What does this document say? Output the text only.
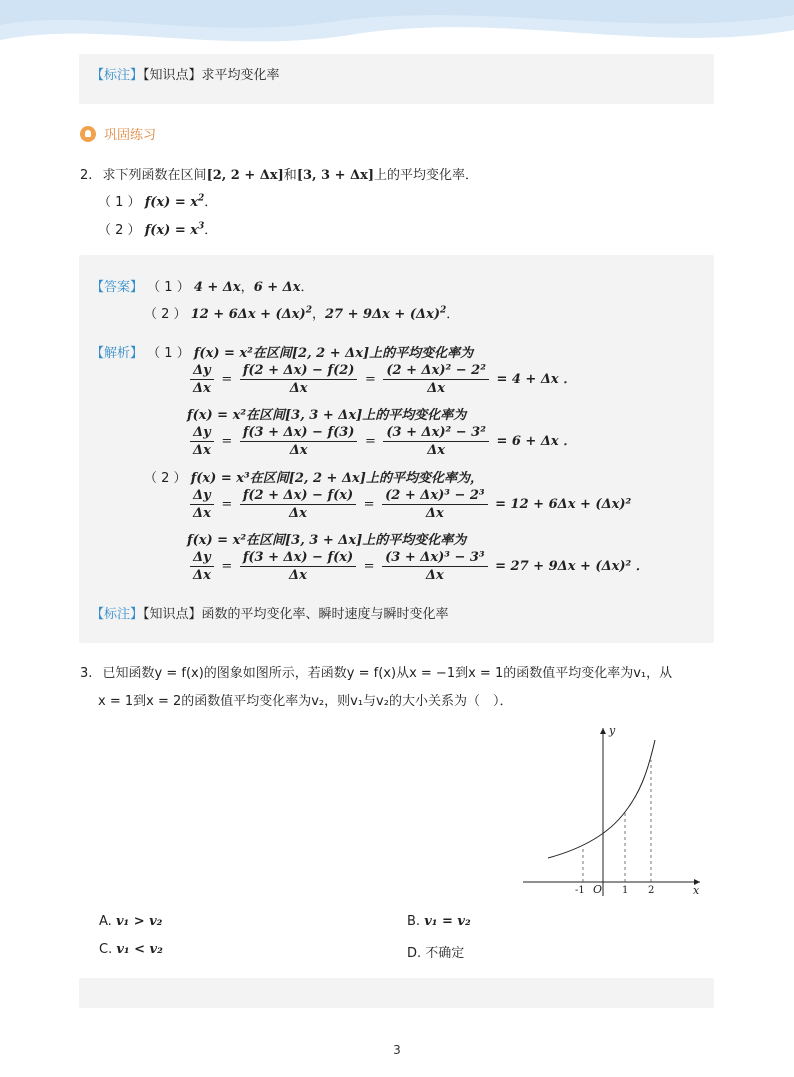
【标注】【知识点】求平均变化率
巩固练习
2. 求下列函数在区间[2, 2 + Δx]和[3, 3 + Δx]上的平均变化率．
（ 1 ） $f(x) = x^2$．
（ 2 ） $f(x) = x^3$．
【答案】 （ 1 ） 4 + Δx，6 + Δx．
（ 2 ） $12 + 6\Delta x + (\Delta x)^2$，$27 + 9\Delta x + (\Delta x)^2$．
【解析】 （ 1 ） f(x) = x²在区间[2, 2 + Δx]上的平均变化率为
$\frac{\Delta y}{\Delta x} = \frac{f(2 + \Delta x) - f(2)}{\Delta x} = \frac{\text{(2 + Δx)² − 2²}}{\Delta x} = 4 + \Delta x$ ．
f(x) = x²在区间[3, 3 + Δx]上的平均变化率为
$\frac{\Delta y}{\Delta x} = \frac{f(3 + \Delta x) - f(3)}{\Delta x} = \frac{\text{(3 + Δx)² − 3²}}{\Delta x} = 6 + \Delta x$ ．
（ 2 ） f(x) = x³在区间[2, 2 + Δx]上的平均变化率为，
$\frac{\Delta y}{\Delta x} = \frac{f(2 + \Delta x) - f(x)}{\Delta x} = \frac{\text{(2 + Δx)³ − 2³}}{\Delta x} = 12 + 6\Delta x + (\Delta x)^2$
f(x) = x²在区间[3, 3 + Δx]上的平均变化率为
$\frac{\Delta y}{\Delta x} = \frac{f(3 + \Delta x) - f(x)}{\Delta x} = \frac{\text{(3 + Δx)³ − 3³}}{\Delta x} = 27 + 9\Delta x + (\Delta x)^2$ ．
【标注】【知识点】函数的平均变化率、瞬时速度与瞬时变化率
3. 已知函数y = f(x)的图象如图所示，若函数y = f(x)从x = −1到x = 1的函数值平均变化率为v₁，从
x = 1到x = 2的函数值平均变化率为v₂，则v₁与v₂的大小关系为（　）．
y
x
O
-1	1 2
A. v₁ > v₂	B. v₁ = v₂
C. v₁ < v₂	D. 不确定
3
